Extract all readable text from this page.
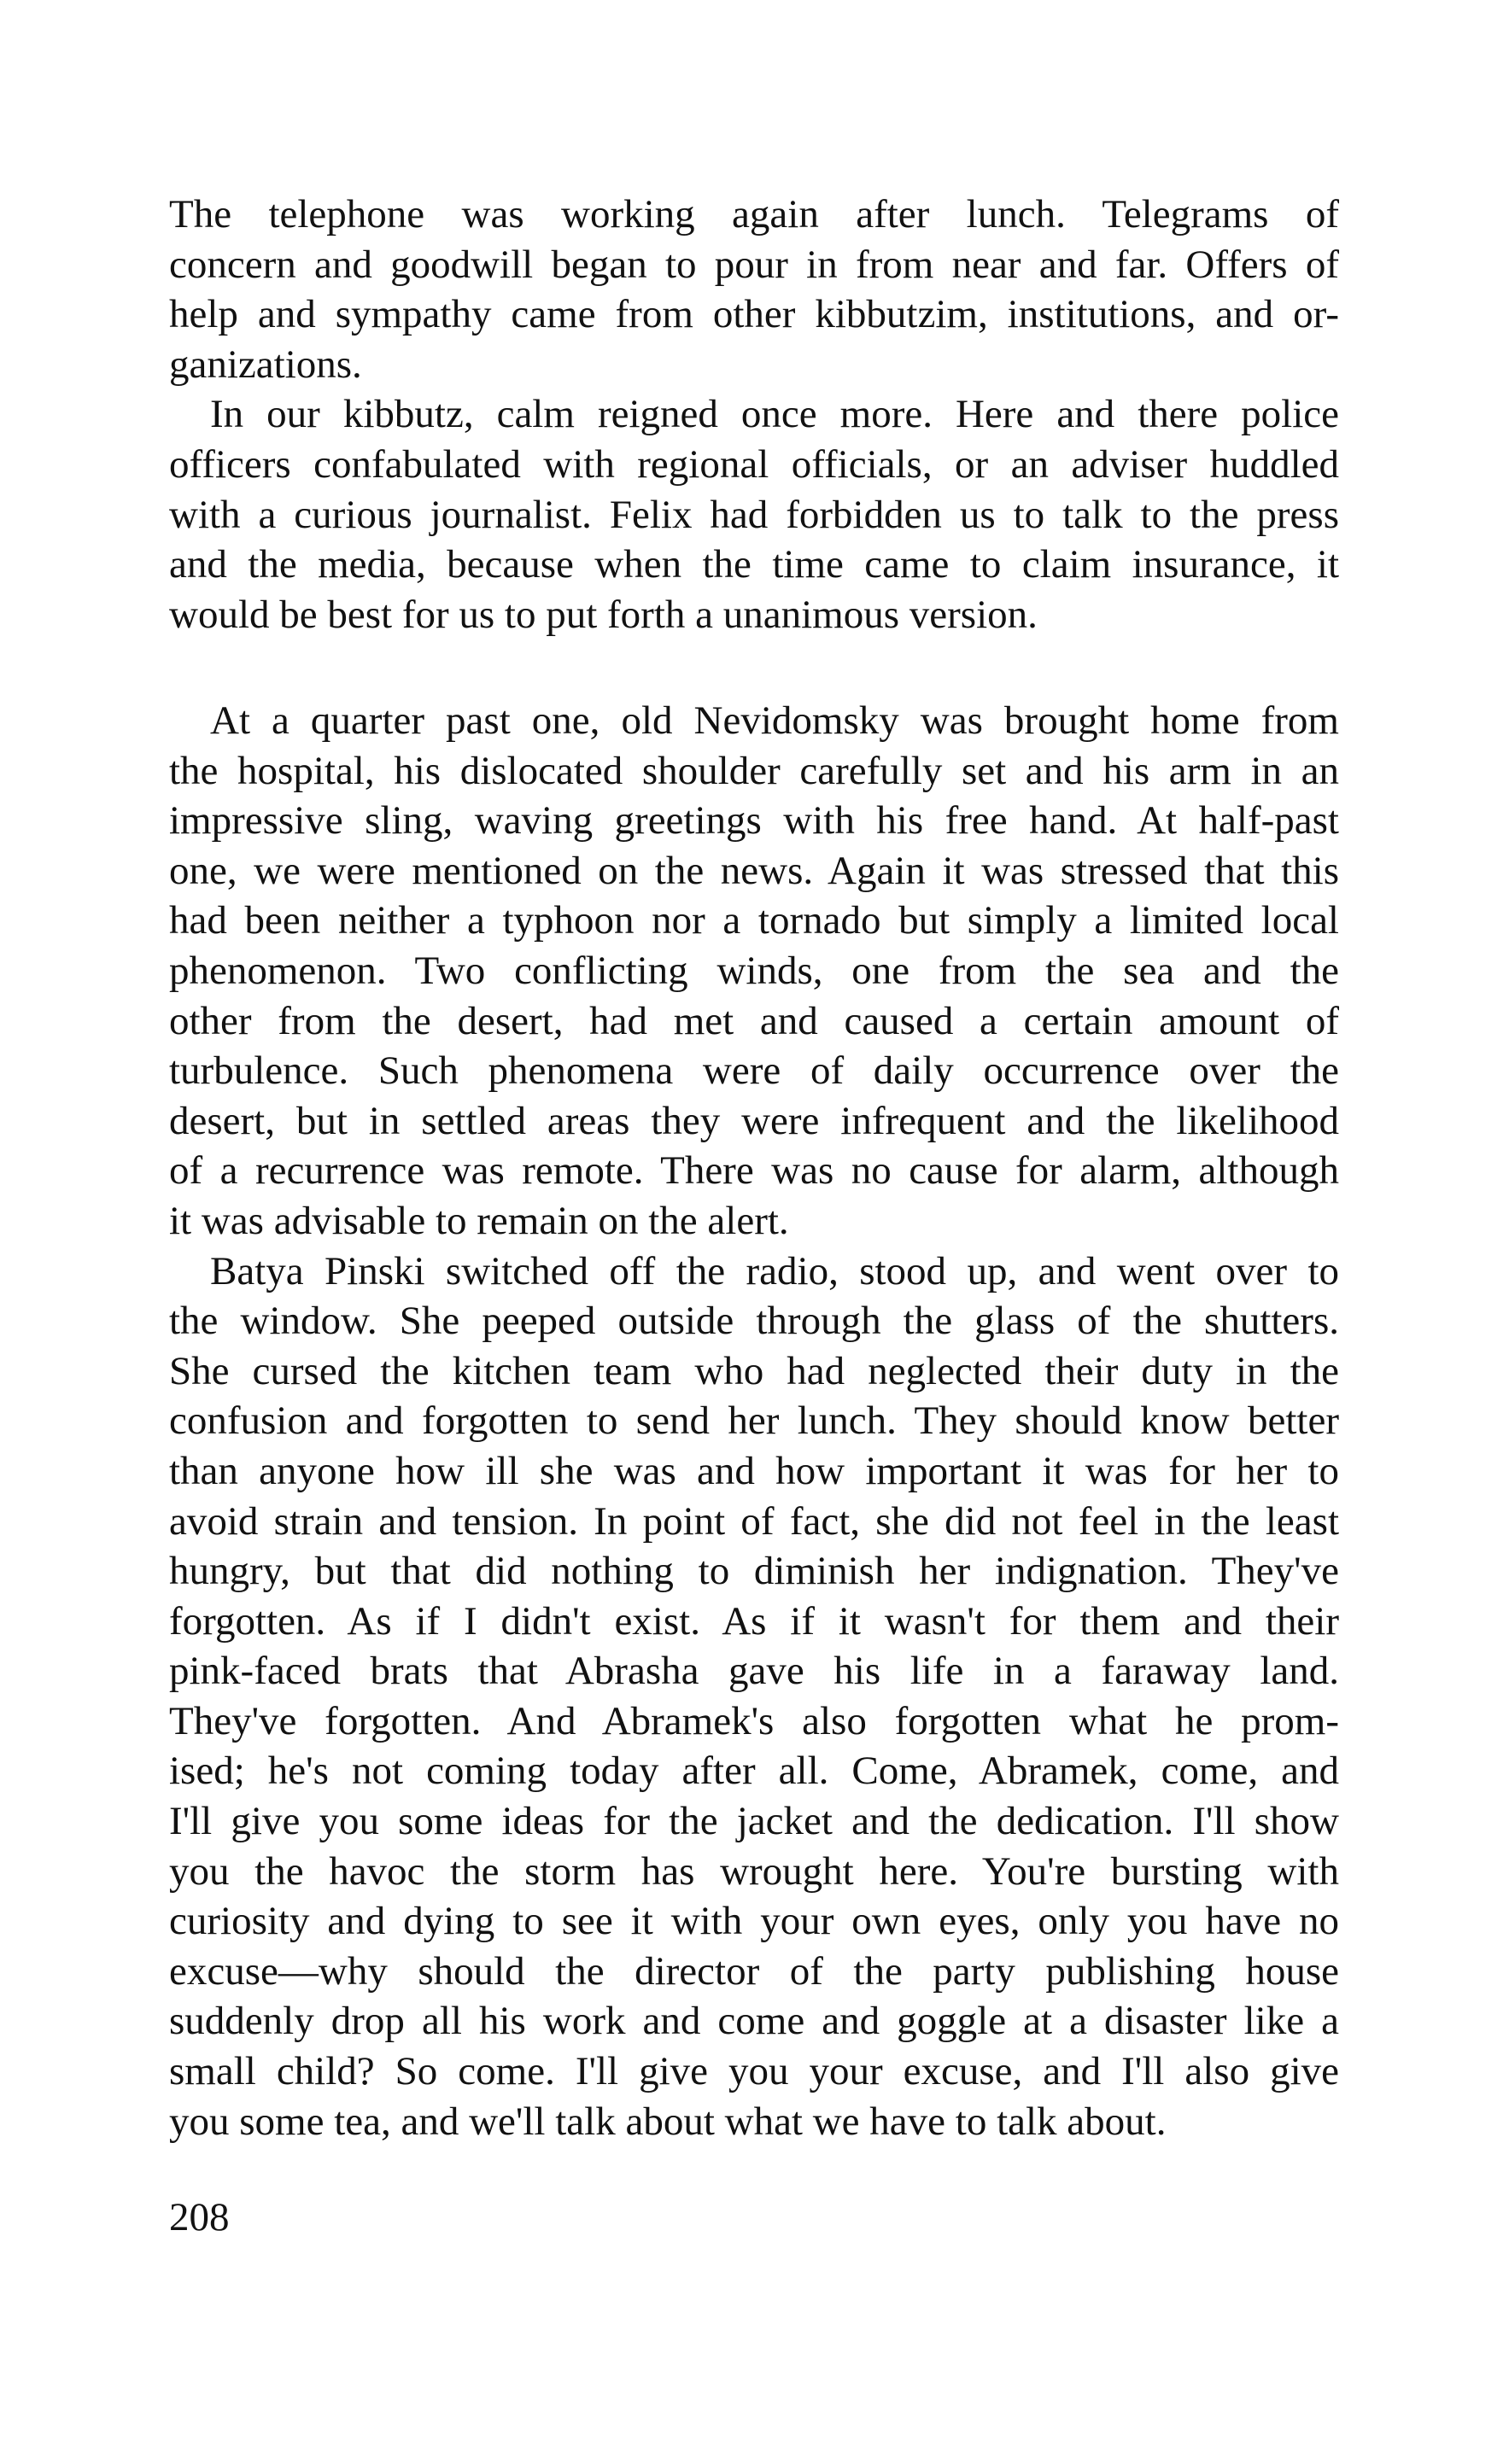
The telephone was working again after lunch. Telegrams of
concern and goodwill began to pour in from near and far. Offers of
help and sympathy came from other kibbutzim, institutions, and or-
ganizations.
In our kibbutz, calm reigned once more. Here and there police
officers confabulated with regional officials, or an adviser huddled
with a curious journalist. Felix had forbidden us to talk to the press
and the media, because when the time came to claim insurance, it
would be best for us to put forth a unanimous version.
At a quarter past one, old Nevidomsky was brought home from
the hospital, his dislocated shoulder carefully set and his arm in an
impressive sling, waving greetings with his free hand. At half-past
one, we were mentioned on the news. Again it was stressed that this
had been neither a typhoon nor a tornado but simply a limited local
phenomenon. Two conflicting winds, one from the sea and the
other from the desert, had met and caused a certain amount of
turbulence. Such phenomena were of daily occurrence over the
desert, but in settled areas they were infrequent and the likelihood
of a recurrence was remote. There was no cause for alarm, although
it was advisable to remain on the alert.
Batya Pinski switched off the radio, stood up, and went over to
the window. She peeped outside through the glass of the shutters.
She cursed the kitchen team who had neglected their duty in the
confusion and forgotten to send her lunch. They should know better
than anyone how ill she was and how important it was for her to
avoid strain and tension. In point of fact, she did not feel in the least
hungry, but that did nothing to diminish her indignation. They've
forgotten. As if I didn't exist. As if it wasn't for them and their
pink-faced brats that Abrasha gave his life in a faraway land.
They've forgotten. And Abramek's also forgotten what he prom-
ised; he's not coming today after all. Come, Abramek, come, and
I'll give you some ideas for the jacket and the dedication. I'll show
you the havoc the storm has wrought here. You're bursting with
curiosity and dying to see it with your own eyes, only you have no
excuse—why should the director of the party publishing house
suddenly drop all his work and come and goggle at a disaster like a
small child? So come. I'll give you your excuse, and I'll also give
you some tea, and we'll talk about what we have to talk about.
208
